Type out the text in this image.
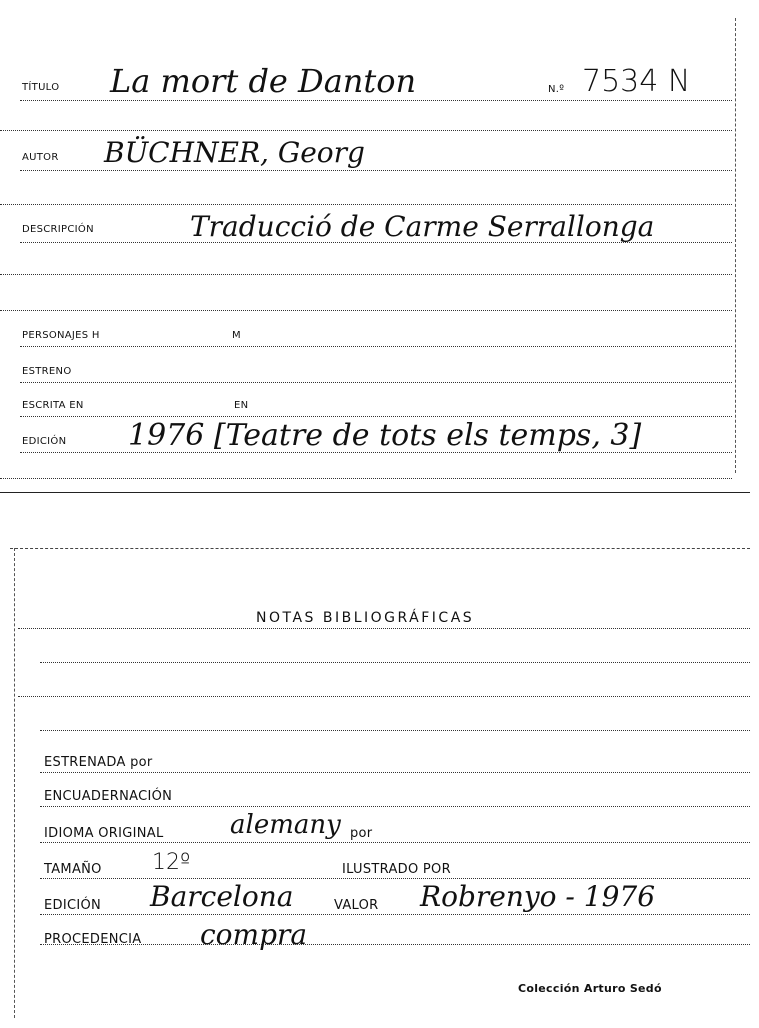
TÍTULO La mort de Danton	N.º 7534 N
AUTOR BÜCHNER, Georg
DESCRIPCIÓN	Traducció de Carme Serrallonga
PERSONAJES H	M
ESTRENO
ESCRITA EN	EN
EDICIÓN 1976 [Teatre de tots els temps, 3]
NOTAS BIBLIOGRÁFICAS
ESTRENADA por
ENCUADERNACIÓN
IDIOMA ORIGINAL	alemany por
TAMAÑO 12º	ILUSTRADO POR
EDICIÓN Barcelona	VALOR Robrenyo - 1976
PROCEDENCIA compra
Colección Arturo Sedó
